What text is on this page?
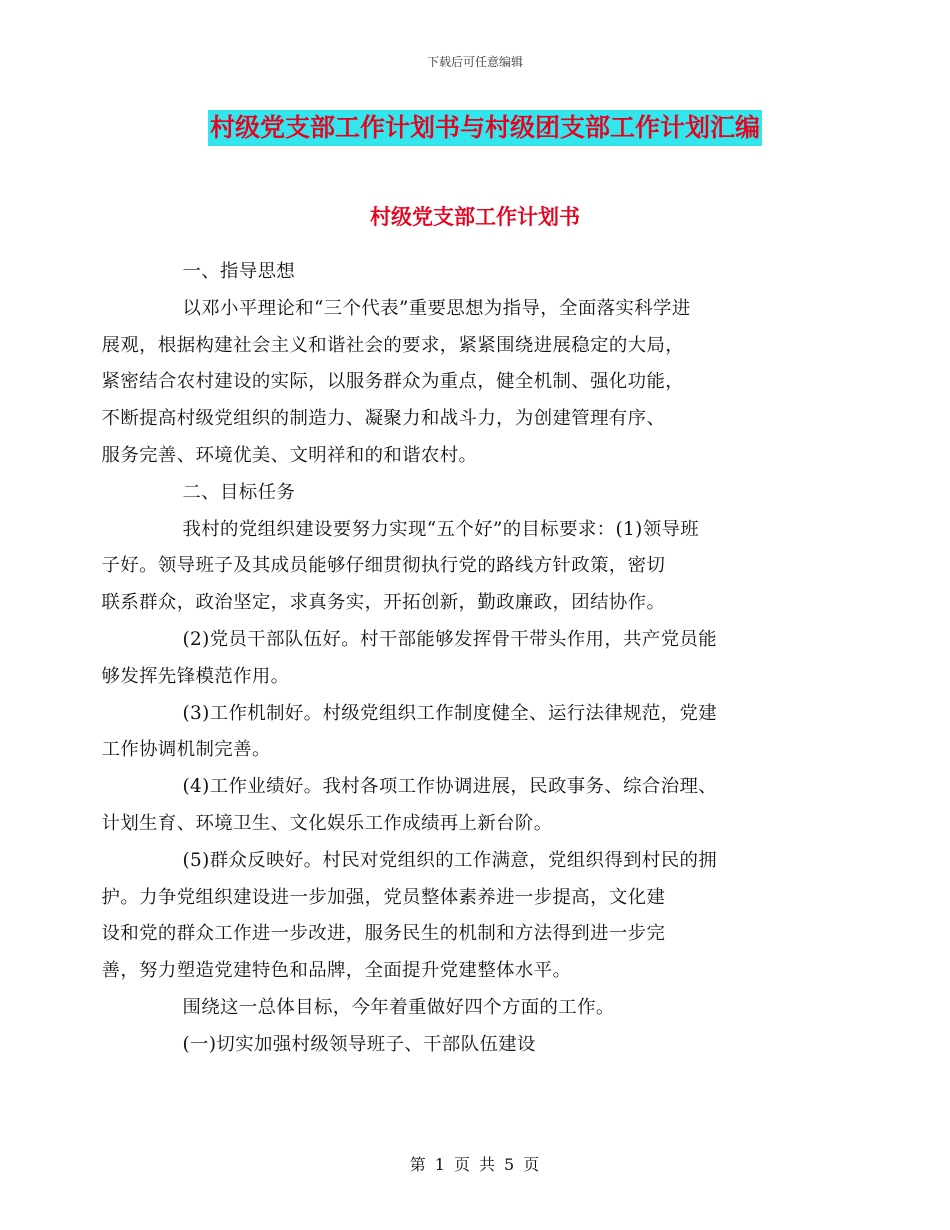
下载后可任意编辑
村级党支部工作计划书与村级团支部工作计划汇编
村级党支部工作计划书

一、指导思想

以邓小平理论和“三个代表”重要思想为指导，全面落实科学进
展观，根据构建社会主义和谐社会的要求，紧紧围绕进展稳定的大局，
紧密结合农村建设的实际，以服务群众为重点，健全机制、强化功能，
不断提高村级党组织的制造力、凝聚力和战斗力，为创建管理有序、
服务完善、环境优美、文明祥和的和谐农村。

二、目标任务

我村的党组织建设要努力实现“五个好”的目标要求：(1)领导班
子好。领导班子及其成员能够仔细贯彻执行党的路线方针政策，密切
联系群众，政治坚定，求真务实，开拓创新，勤政廉政，团结协作。

(2)党员干部队伍好。村干部能够发挥骨干带头作用，共产党员能
够发挥先锋模范作用。

(3)工作机制好。村级党组织工作制度健全、运行法律规范，党建
工作协调机制完善。

(4)工作业绩好。我村各项工作协调进展，民政事务、综合治理、
计划生育、环境卫生、文化娱乐工作成绩再上新台阶。

(5)群众反映好。村民对党组织的工作满意，党组织得到村民的拥
护。力争党组织建设进一步加强，党员整体素养进一步提高，文化建
设和党的群众工作进一步改进，服务民生的机制和方法得到进一步完
善，努力塑造党建特色和品牌，全面提升党建整体水平。

围绕这一总体目标，今年着重做好四个方面的工作。

(一)切实加强村级领导班子、干部队伍建设

第 1 页 共 5 页
